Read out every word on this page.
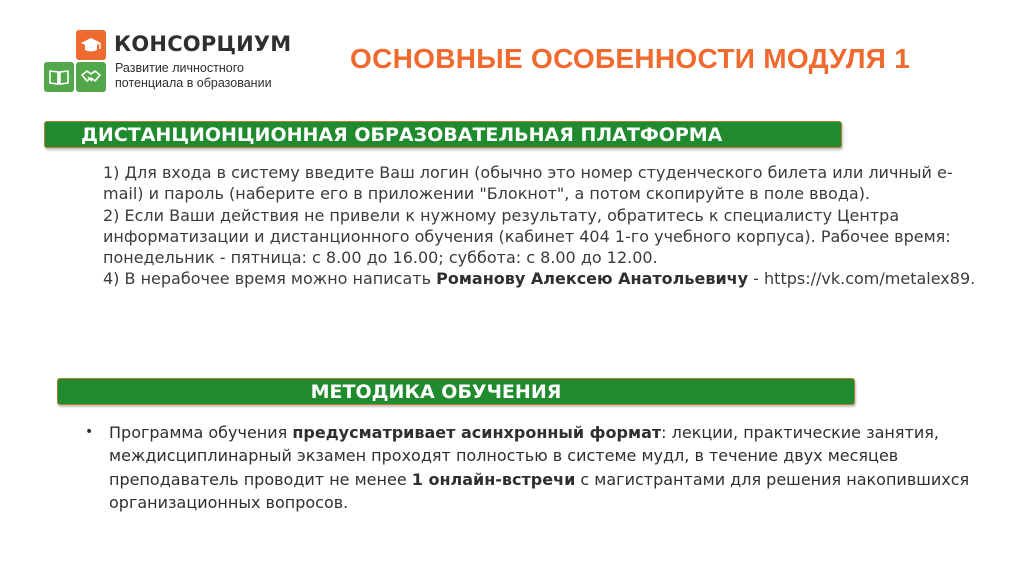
КОНСОРЦИУМ
Развитие личностного
потенциала в образовании
ОСНОВНЫЕ ОСОБЕННОСТИ МОДУЛЯ 1
ДИСТАНЦИОНЦИОННАЯ ОБРАЗОВАТЕЛЬНАЯ ПЛАТФОРМА

1) Для входа в систему введите Ваш логин (обычно это номер студенческого билета или личный e-mail) и пароль (наберите его в приложении "Блокнот", а потом скопируйте в поле ввода).

2) Если Ваши действия не привели к нужному результату, обратитесь к специалисту Центра информатизации и дистанционного обучения (кабинет 404 1-го учебного корпуса). Рабочее время: понедельник - пятница: с 8.00 до 16.00; суббота: с 8.00 до 12.00.

4) В нерабочее время можно написать Романову Алексею Анатольевичу - https://vk.com/metalex89.

МЕТОДИКА ОБУЧЕНИЯ
• Программа обучения предусматривает асинхронный формат: лекции, практические занятия, междисциплинарный экзамен проходят полностью в системе мудл, в течение двух месяцев преподаватель проводит не менее 1 онлайн-встречи с магистрантами для решения накопившихся организационных вопросов.
